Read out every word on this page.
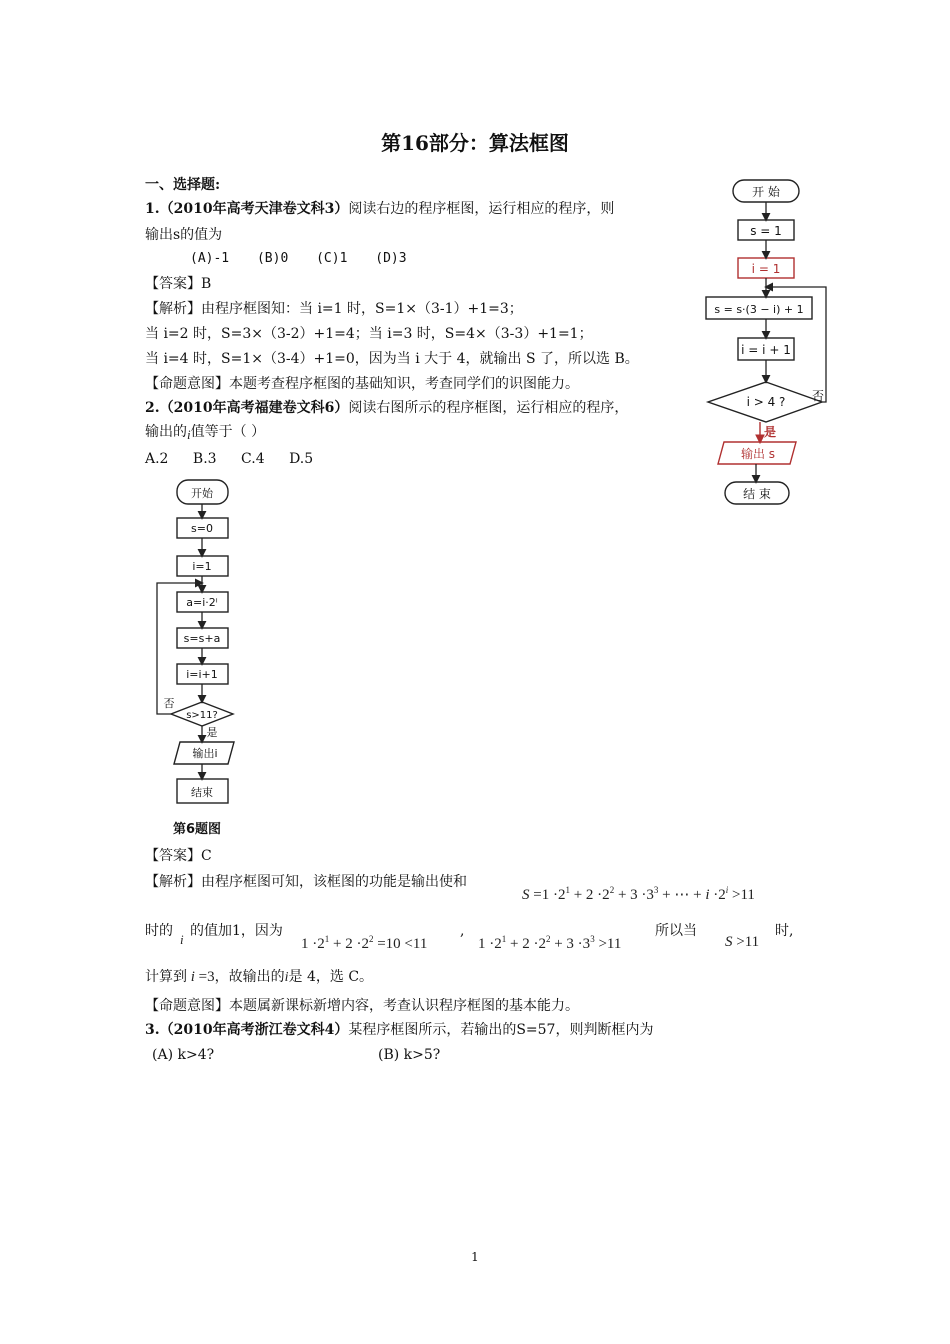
第16部分：算法框图
一、选择题:
1.（2010年高考天津卷文科3）阅读右边的程序框图，运行相应的程序，则
输出s的值为
(A)-1 (B)0 (C)1 (D)3
【答案】B
【解析】由程序框图知：当 i=1 时，S=1×（3-1）+1=3；
当 i=2 时，S=3×（3-2）+1=4；当 i=3 时，S=4×（3-3）+1=1；
当 i=4 时，S=1×（3-4）+1=0，因为当 i 大于 4，就输出 S 了，所以选 B。
【命题意图】本题考查程序框图的基础知识，考查同学们的识图能力。
2.（2010年高考福建卷文科6）阅读右图所示的程序框图，运行相应的程序，
输出的i值等于（ ）
A.2 B.3 C.4 D.5
开始
s=0
i=1
a=i·2ⁱ
s=s+a
i=i+1
s>11?
输出i
结束
否
是
第6题图
开 始
s = 1
i = 1
s = s·(3 − i) + 1
i = i + 1
i > 4 ?
输出 s
结 束
否
是
【答案】C
【解析】由程序框图可知，该框图的功能是输出使和
$S =1 \cdot 2^1 + 2 \cdot 2^2 + 3 \cdot 3^3$ + ⋯ + $i \cdot 2^i >11$
时的
i
的值加1，因为
$1 \cdot 2^1 + 2 \cdot 2^2 =10 <11$
,
$1 \cdot 2^1 + 2 \cdot 2^2 + 3 \cdot 3^3 >11$
所以当
S >11
时,
计算到 i =3，故输出的i是 4，选 C。
【命题意图】本题属新课标新增内容，考查认识程序框图的基本能力。
3.（2010年高考浙江卷文科4）某程序框图所示，若输出的S=57，则判断框内为
(A) k>4?	(B) k>5?
1
